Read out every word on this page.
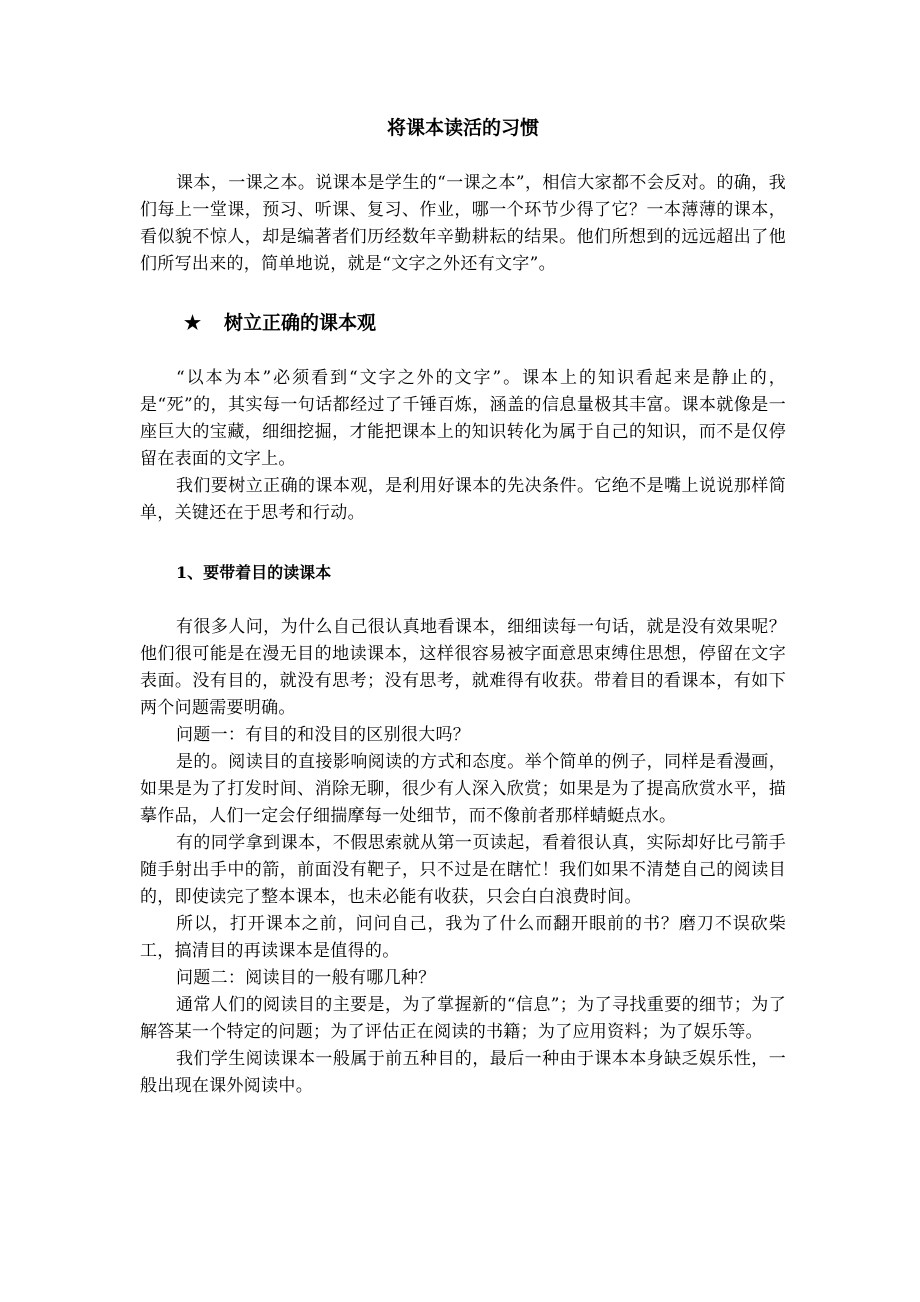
将课本读活的习惯

课本，一课之本。说课本是学生的“一课之本”，相信大家都不会反对。的确，我们每上一堂课，预习、听课、复习、作业，哪一个环节少得了它？一本薄薄的课本，看似貌不惊人，却是编著者们历经数年辛勤耕耘的结果。他们所想到的远远超出了他们所写出来的，简单地说，就是“文字之外还有文字”。

★ 树立正确的课本观

“以本为本”必须看到“文字之外的文字”。课本上的知识看起来是静止的，是“死”的，其实每一句话都经过了千锤百炼，涵盖的信息量极其丰富。课本就像是一座巨大的宝藏，细细挖掘，才能把课本上的知识转化为属于自己的知识，而不是仅停留在表面的文字上。

我们要树立正确的课本观，是利用好课本的先决条件。它绝不是嘴上说说那样简单，关键还在于思考和行动。

1、要带着目的读课本

有很多人问，为什么自己很认真地看课本，细细读每一句话，就是没有效果呢？他们很可能是在漫无目的地读课本，这样很容易被字面意思束缚住思想，停留在文字表面。没有目的，就没有思考；没有思考，就难得有收获。带着目的看课本，有如下两个问题需要明确。

问题一：有目的和没目的区别很大吗？

是的。阅读目的直接影响阅读的方式和态度。举个简单的例子，同样是看漫画，如果是为了打发时间、消除无聊，很少有人深入欣赏；如果是为了提高欣赏水平，描摹作品，人们一定会仔细揣摩每一处细节，而不像前者那样蜻蜓点水。

有的同学拿到课本，不假思索就从第一页读起，看着很认真，实际却好比弓箭手随手射出手中的箭，前面没有靶子，只不过是在瞎忙！我们如果不清楚自己的阅读目的，即使读完了整本课本，也未必能有收获，只会白白浪费时间。

所以，打开课本之前，问问自己，我为了什么而翻开眼前的书？磨刀不误砍柴工，搞清目的再读课本是值得的。

问题二：阅读目的一般有哪几种？

通常人们的阅读目的主要是，为了掌握新的“信息”；为了寻找重要的细节；为了解答某一个特定的问题；为了评估正在阅读的书籍；为了应用资料；为了娱乐等。

我们学生阅读课本一般属于前五种目的，最后一种由于课本本身缺乏娱乐性，一般出现在课外阅读中。
